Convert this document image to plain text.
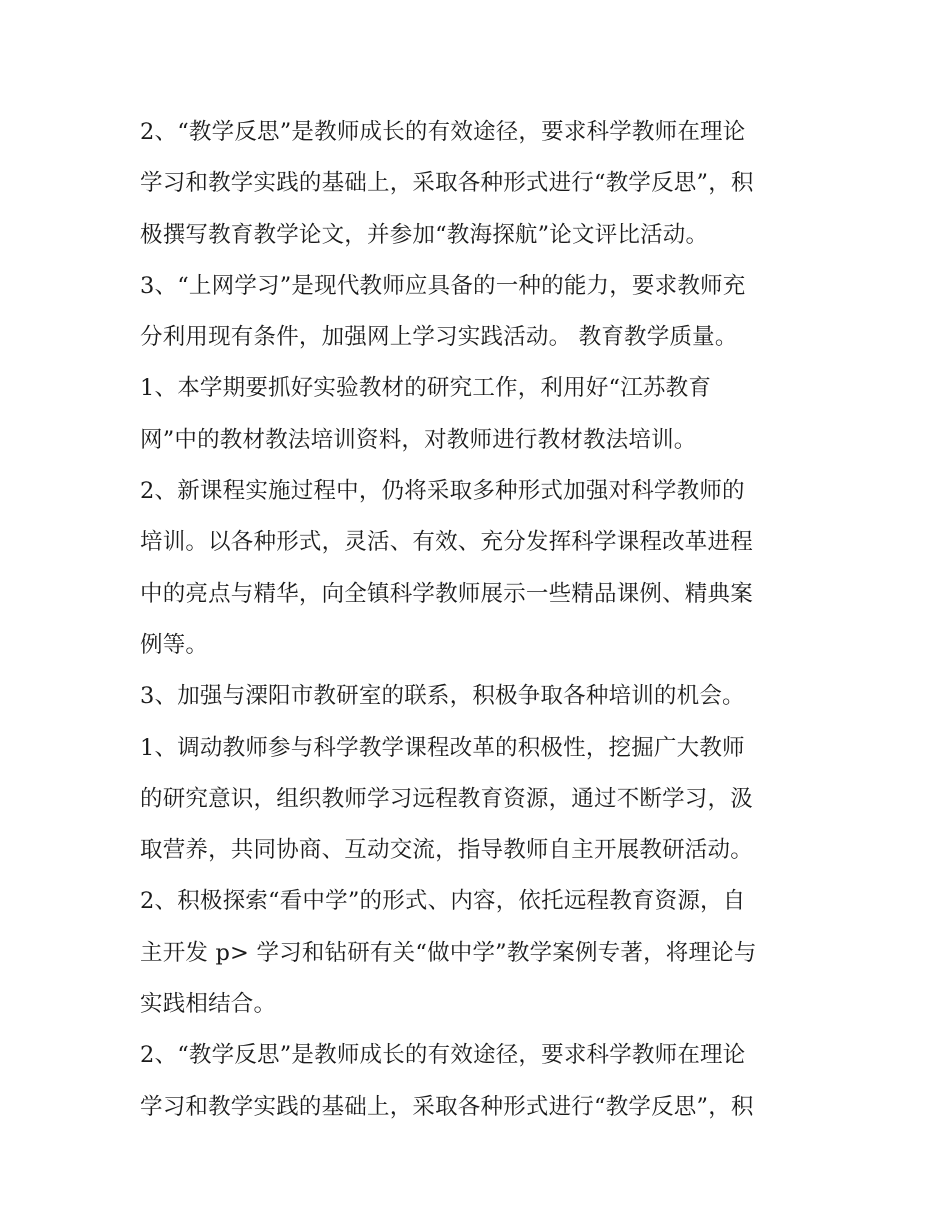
2、“教学反思”是教师成长的有效途径，要求科学教师在理论
学习和教学实践的基础上，采取各种形式进行“教学反思”，积
极撰写教育教学论文，并参加“教海探航”论文评比活动。

3、“上网学习”是现代教师应具备的一种的能力，要求教师充
分利用现有条件，加强网上学习实践活动。 教育教学质量。

1、本学期要抓好实验教材的研究工作，利用好“江苏教育
网”中的教材教法培训资料，对教师进行教材教法培训。

2、新课程实施过程中，仍将采取多种形式加强对科学教师的
培训。以各种形式，灵活、有效、充分发挥科学课程改革进程
中的亮点与精华，向全镇科学教师展示一些精品课例、精典案
例等。

3、加强与溧阳市教研室的联系，积极争取各种培训的机会。

1、调动教师参与科学教学课程改革的积极性，挖掘广大教师
的研究意识，组织教师学习远程教育资源，通过不断学习，汲
取营养，共同协商、互动交流，指导教师自主开展教研活动。

2、积极探索“看中学”的形式、内容，依托远程教育资源，自
主开发 p> 学习和钻研有关“做中学”教学案例专著，将理论与
实践相结合。

2、“教学反思”是教师成长的有效途径，要求科学教师在理论
学习和教学实践的基础上，采取各种形式进行“教学反思”，积
